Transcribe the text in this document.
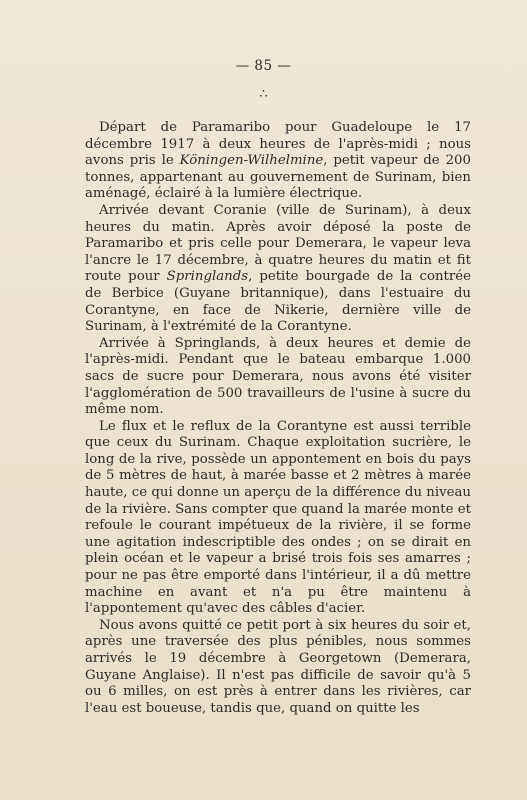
— 85 —
∴

Départ de Paramaribo pour Guadeloupe le 17 décembre 1917 à deux heures de l'après-midi ; nous avons pris le Köningen-Wilhelmine, petit vapeur de 200 tonnes, appartenant au gouvernement de Surinam, bien aménagé, éclairé à la lumière électrique.

Arrivée devant Coranie (ville de Surinam), à deux heures du matin. Après avoir déposé la poste de Paramaribo et pris celle pour Demerara, le vapeur leva l'ancre le 17 décembre, à quatre heures du matin et fit route pour Springlands, petite bourgade de la contrée de Berbice (Guyane britannique), dans l'estuaire du Corantyne, en face de Nikerie, dernière ville de Surinam, à l'extrémité de la Corantyne.

Arrivée à Springlands, à deux heures et demie de l'après-midi. Pendant que le bateau embarque 1.000 sacs de sucre pour Demerara, nous avons été visiter l'agglomération de 500 travailleurs de l'usine à sucre du même nom.

Le flux et le reflux de la Corantyne est aussi terrible que ceux du Surinam. Chaque exploitation sucrière, le long de la rive, possède un appontement en bois du pays de 5 mètres de haut, à marée basse et 2 mètres à marée haute, ce qui donne un aperçu de la différence du niveau de la rivière. Sans compter que quand la marée monte et refoule le courant impétueux de la rivière, il se forme une agitation indescriptible des ondes ; on se dirait en plein océan et le vapeur a brisé trois fois ses amarres ; pour ne pas être emporté dans l'intérieur, il a dû mettre machine en avant et n'a pu être maintenu à l'appontement qu'avec des câbles d'acier.

Nous avons quitté ce petit port à six heures du soir et, après une traversée des plus pénibles, nous sommes arrivés le 19 décembre à Georgetown (Demerara, Guyane Anglaise). Il n'est pas difficile de savoir qu'à 5 ou 6 milles, on est près à entrer dans les rivières, car l'eau est boueuse, tandis que, quand on quitte les
